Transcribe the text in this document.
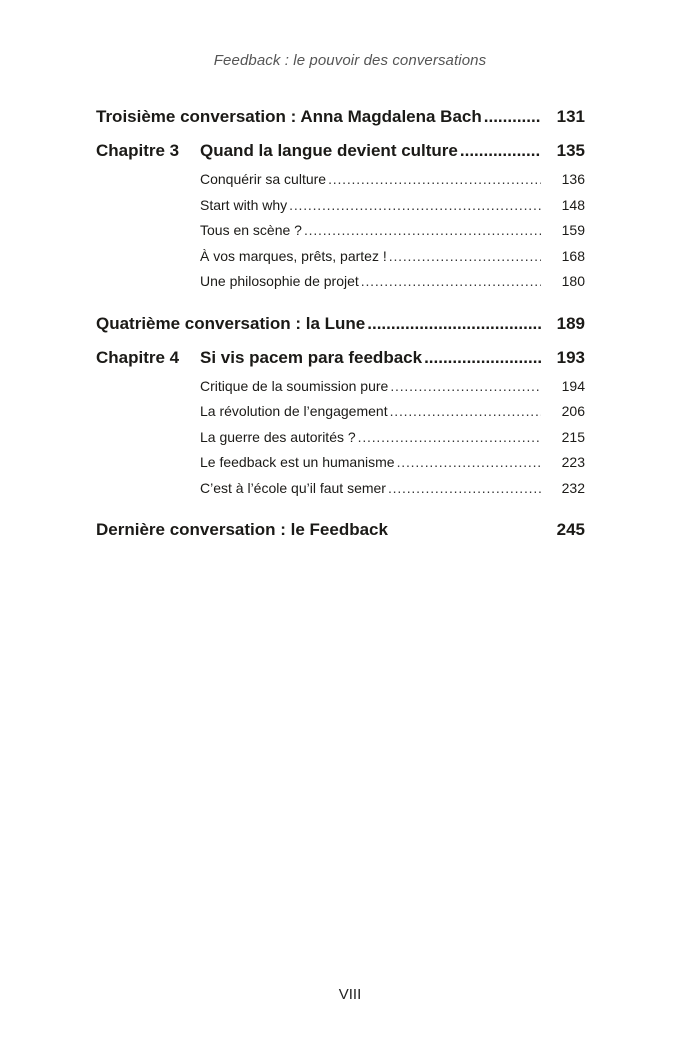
Feedback : le pouvoir des conversations
Troisième conversation : Anna Magdalena Bach .....	131
Chapitre 3	Quand la langue devient culture .....	135
Conquérir sa culture .....	136
Start with why .....	148
Tous en scène ? .....	159
À vos marques, prêts, partez ! .....	168
Une philosophie de projet .....	180
Quatrième conversation : la Lune .....	189
Chapitre 4	Si vis pacem para feedback .....	193
Critique de la soumission pure .....	194
La révolution de l’engagement .....	206
La guerre des autorités ? .....	215
Le feedback est un humanisme .....	223
C’est à l’école qu’il faut semer .....	232
Dernière conversation : le Feedback	245
VIII
